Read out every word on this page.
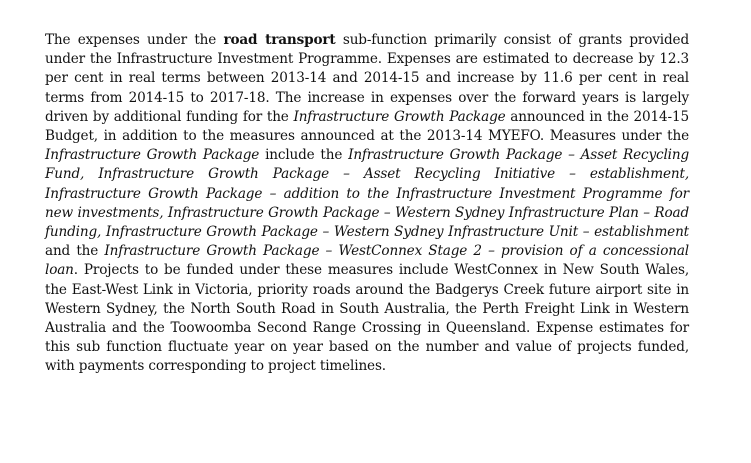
The expenses under the road transport sub-function primarily consist of grants provided under the Infrastructure Investment Programme. Expenses are estimated to decrease by 12.3 per cent in real terms between 2013-14 and 2014-15 and increase by 11.6 per cent in real terms from 2014-15 to 2017-18. The increase in expenses over the forward years is largely driven by additional funding for the Infrastructure Growth Package announced in the 2014-15 Budget, in addition to the measures announced at the 2013-14 MYEFO. Measures under the Infrastructure Growth Package include the Infrastructure Growth Package – Asset Recycling Fund, Infrastructure Growth Package – Asset Recycling Initiative – establishment, Infrastructure Growth Package – addition to the Infrastructure Investment Programme for new investments, Infrastructure Growth Package – Western Sydney Infrastructure Plan – Road funding, Infrastructure Growth Package – Western Sydney Infrastructure Unit – establishment and the Infrastructure Growth Package – WestConnex Stage 2 – provision of a concessional loan. Projects to be funded under these measures include WestConnex in New South Wales, the East-West Link in Victoria, priority roads around the Badgerys Creek future airport site in Western Sydney, the North South Road in South Australia, the Perth Freight Link in Western Australia and the Toowoomba Second Range Crossing in Queensland. Expense estimates for this sub function fluctuate year on year based on the number and value of projects funded, with payments corresponding to project timelines.
